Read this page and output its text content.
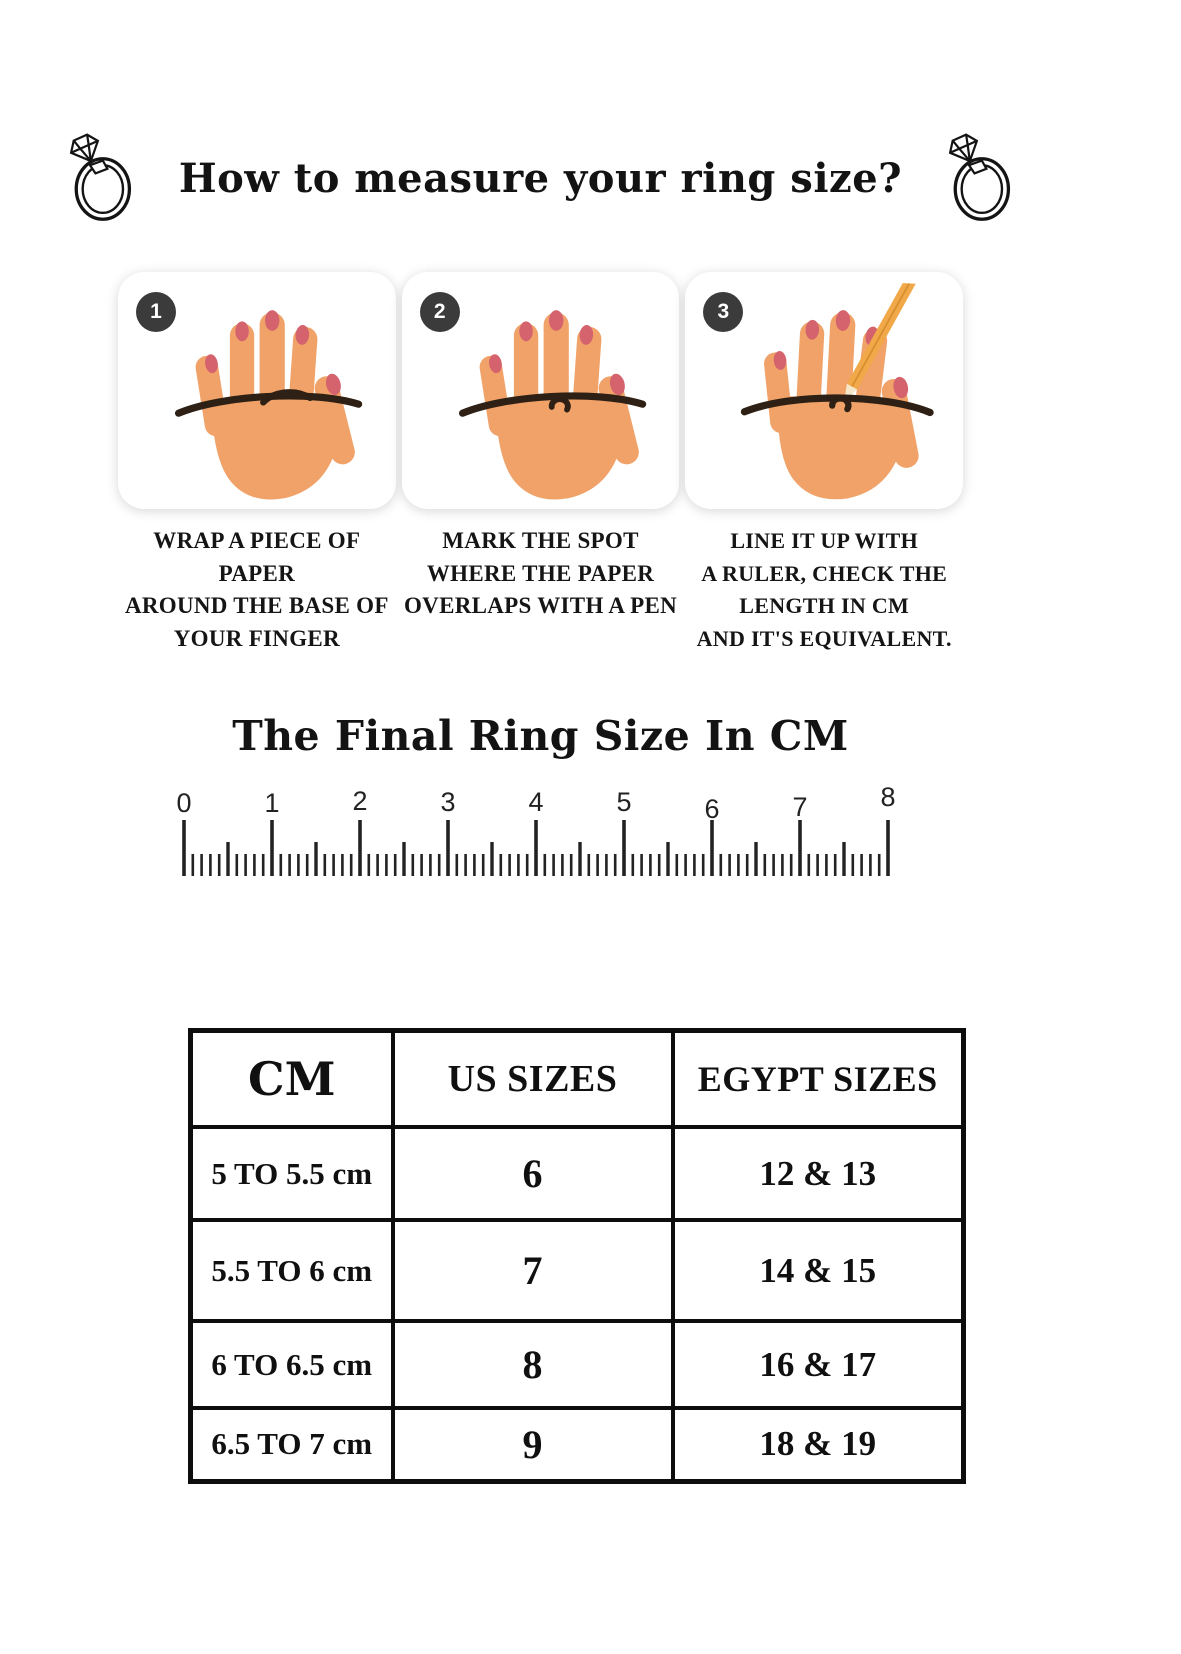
How to measure your ring size?
1	2	3
WRAP A PIECE OF PAPER
AROUND THE BASE OF
YOUR FINGER
MARK THE SPOT
WHERE THE PAPER
OVERLAPS WITH A PEN
LINE IT UP WITH
A RULER, CHECK THE
LENGTH IN CM
AND IT'S EQUIVALENT.
The Final Ring Size In CM
0	1	2	3	4	5	6	7	8
CM	US SIZES	EGYPT SIZES
5 TO 5.5 cm	6	12 & 13
5.5 TO 6 cm	7	14 & 15
6 TO 6.5 cm	8	16 & 17
6.5 TO 7 cm	9	18 & 19
